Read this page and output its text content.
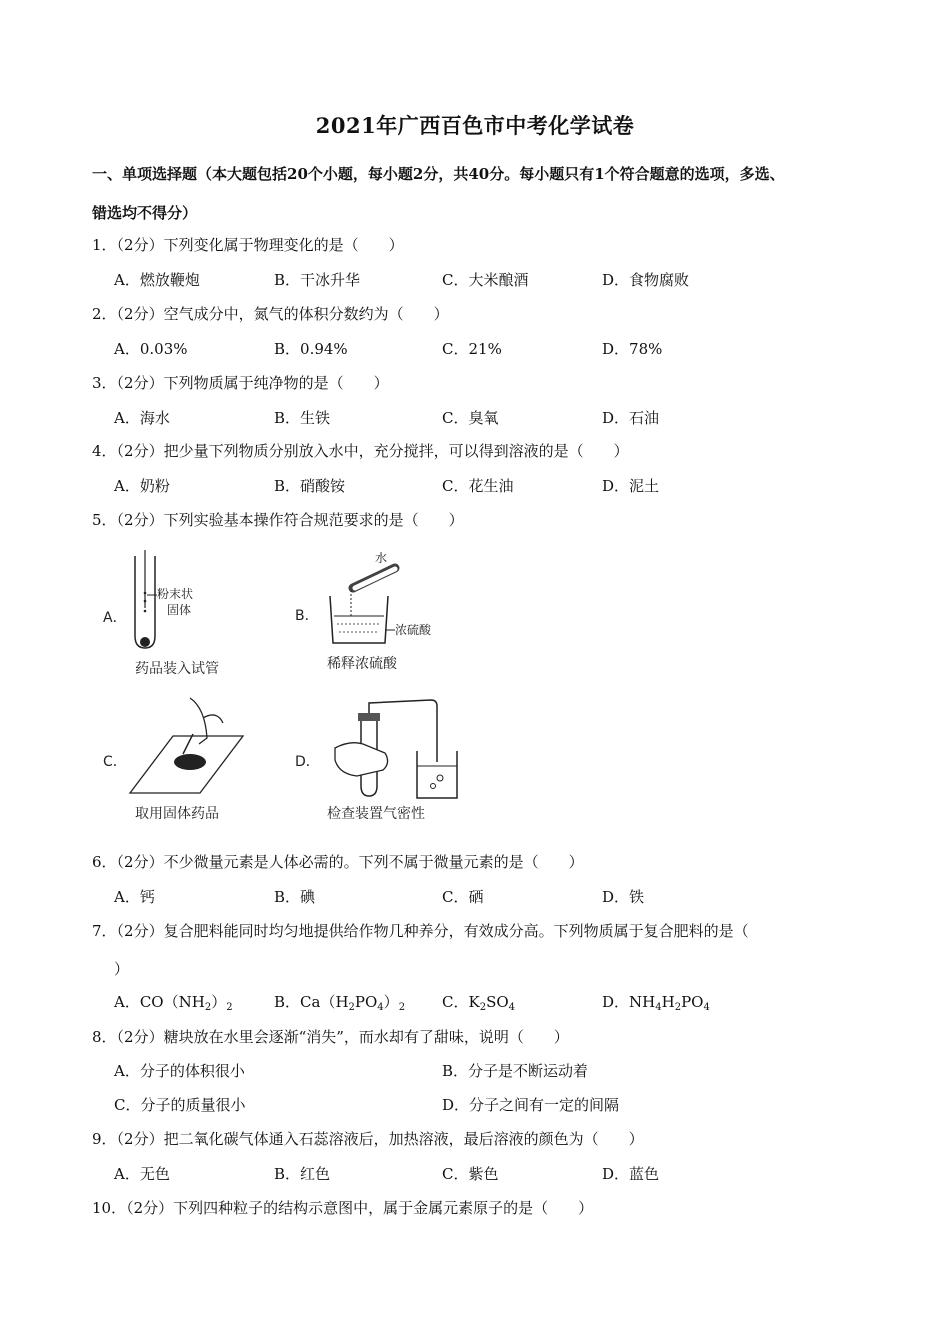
2021年广西百色市中考化学试卷
一、单项选择题（本大题包括20个小题，每小题2分，共40分。每小题只有1个符合题意的选项，多选、
错选均不得分）
1．（2分）下列变化属于物理变化的是（　　）
A．燃放鞭炮	B．干冰升华	C．大米酿酒	D．食物腐败
2．（2分）空气成分中，氮气的体积分数约为（　　）
A．0.03%	B．0.94%	C．21%	D．78%
3．（2分）下列物质属于纯净物的是（　　）
A．海水	B．生铁	C．臭氧	D．石油
4．（2分）把少量下列物质分别放入水中，充分搅拌，可以得到溶液的是（　　）
A．奶粉	B．硝酸铵	C．花生油	D．泥土
5．（2分）下列实验基本操作符合规范要求的是（　　）
A．
粉末状
固体
药品装入试管
B．
水
浓硫酸
稀释浓硫酸
C．
取用固体药品
D．
检查装置气密性
6．（2分）不少微量元素是人体必需的。下列不属于微量元素的是（　　）
A．钙	B．碘	C．硒	D．铁
7．（2分）复合肥料能同时均匀地提供给作物几种养分，有效成分高。下列物质属于复合肥料的是（
）
A．$CO(NH_2)_2$	B．$Ca(H_2PO_4)_2$ C．$K_2SO_4$	D．$NH_4H_2PO_4$
8．（2分）糖块放在水里会逐渐“消失”，而水却有了甜味，说明（　　）
A．分子的体积很小	B．分子是不断运动着
C．分子的质量很小	D．分子之间有一定的间隔
9．（2分）把二氧化碳气体通入石蕊溶液后，加热溶液，最后溶液的颜色为（　　）
A．无色	B．红色	C．紫色	D．蓝色
10．（2分）下列四种粒子的结构示意图中，属于金属元素原子的是（　　）
